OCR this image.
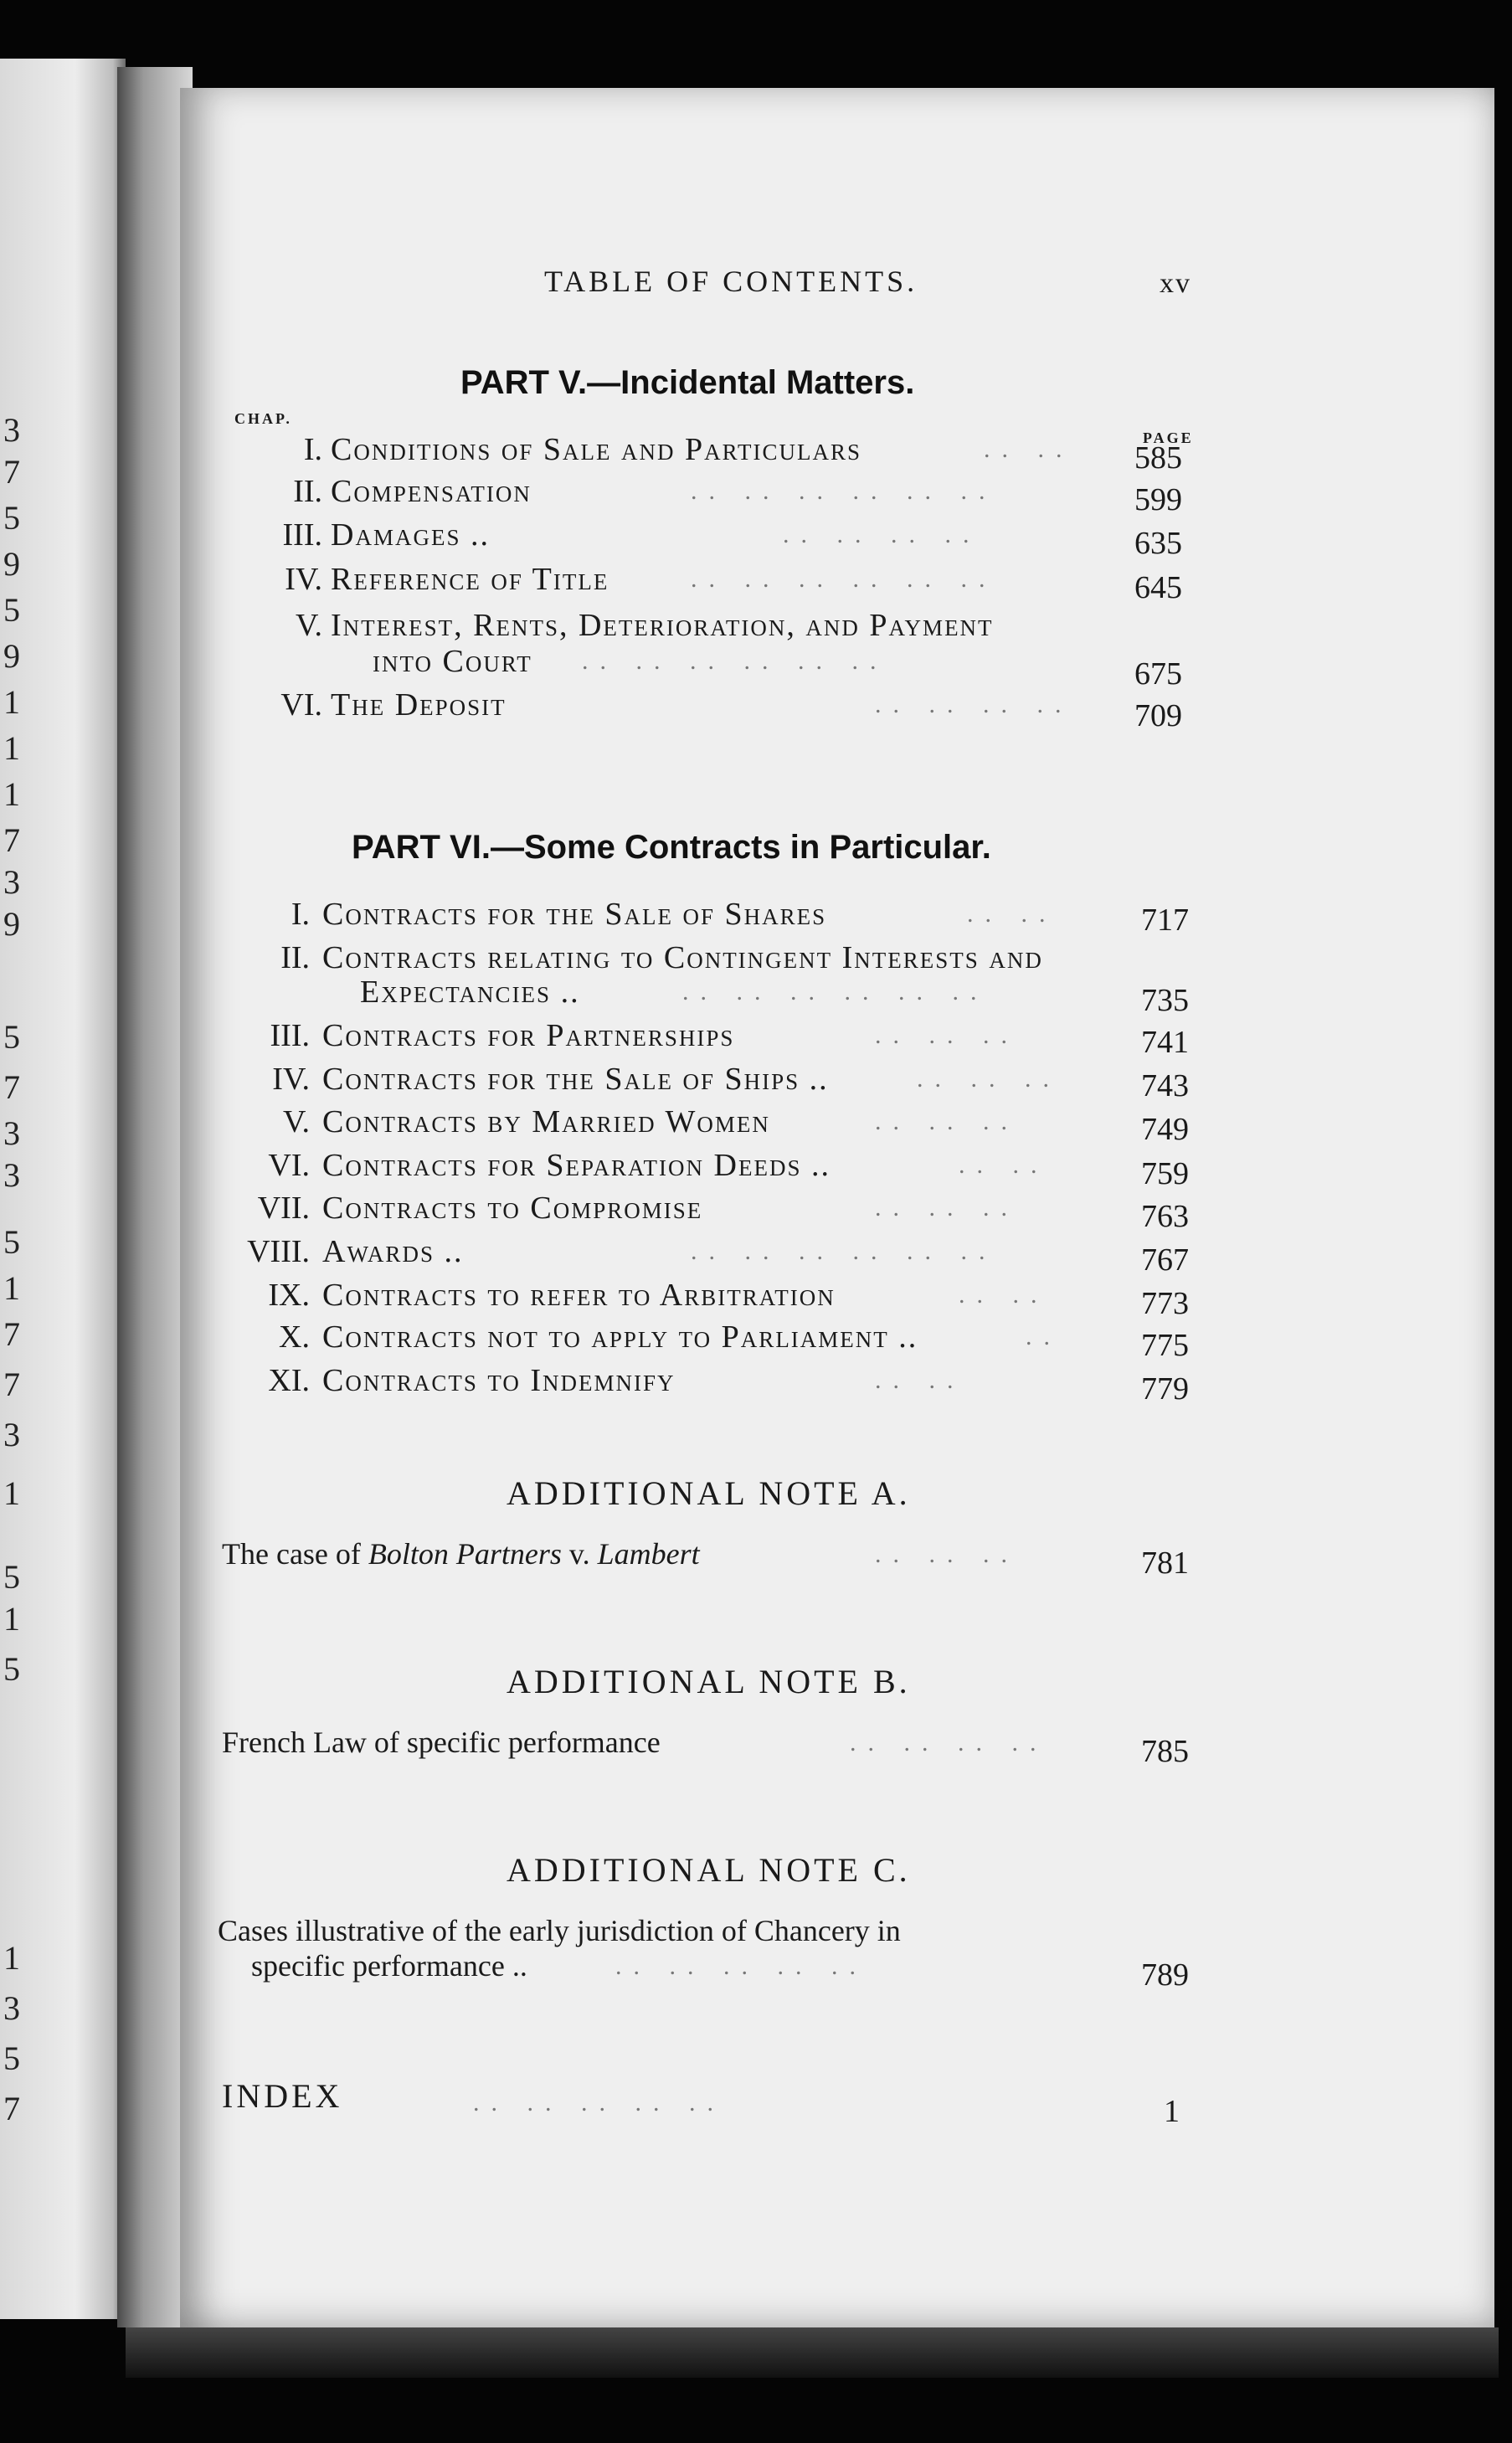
3
7
5
9
5
9
1
1
1
7
3
9
5
7
3
3
5
1
7
7
3
1
5
1
5
1
3
5
7
TABLE OF CONTENTS.	xv
PART V.—Incidental Matters.
CHAP.
PAGE
I. Conditions of Sale and Particulars	.. .. 585
II. Compensation	.. .. .. .. .. ..	599
III. Damages ..	.. .. .. ..	635
IV. Reference of Title	.. .. .. .. .. ..	645
V. Interest, Rents, Deterioration, and Payment
into Court .. .. .. .. .. ..	675
VI. The Deposit	.. .. .. .. 709
PART VI.—Some Contracts in Particular.
I. Contracts for the Sale of Shares	.. ..	717
II. Contracts relating to Contingent Interests and
Expectancies ..	.. .. .. .. .. ..	735
III. Contracts for Partnerships	.. .. ..	741
IV. Contracts for the Sale of Ships ..	.. .. ..	743
V. Contracts by Married Women	.. .. ..	749
VI. Contracts for Separation Deeds ..	.. ..	759
VII. Contracts to Compromise	.. .. ..	763
VIII. Awards ..	.. .. .. .. .. ..	767
IX. Contracts to refer to Arbitration	.. ..	773
X. Contracts not to apply to Parliament ..	..	775
XI. Contracts to Indemnify	.. ..	779
ADDITIONAL NOTE A.
The case of Bolton Partners v. Lambert	.. .. ..	781
ADDITIONAL NOTE B.
French Law of specific performance	.. .. .. ..	785
ADDITIONAL NOTE C.
Cases illustrative of the early jurisdiction of Chancery in
specific performance ..	.. .. .. .. ..	789
INDEX	.. .. .. .. ..	1
